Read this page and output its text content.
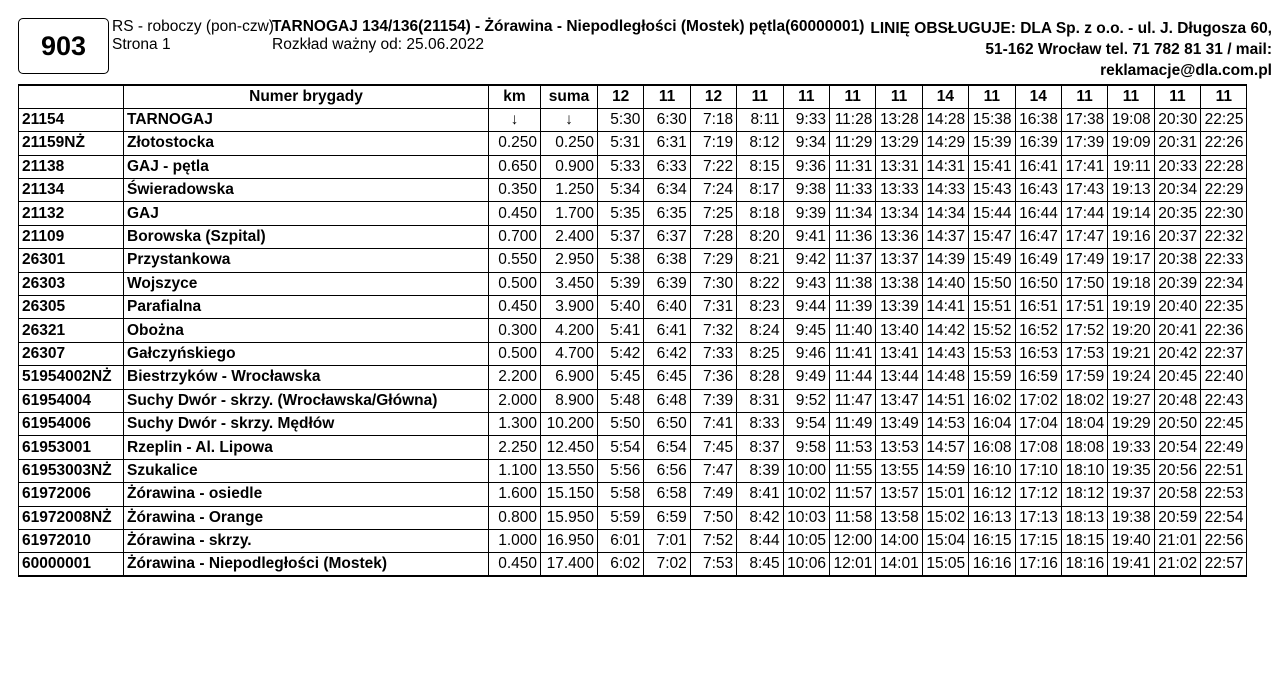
903
RS - roboczy (pon-czw)
Strona 1
TARNOGAJ 134/136(21154) - Żórawina - Niepodległości (Mostek) pętla(60000001)
Rozkład ważny od: 25.06.2022
LINIĘ OBSŁUGUJE: DLA Sp. z o.o. - ul. J. Długosza 60,
51-162 Wrocław tel. 71 782 81 31 / mail:
reklamacje@dla.com.pl
	Numer brygady	km	suma	12	11	12	11	11	11	11	14	11	14	11	11	11	11
21154	TARNOGAJ	↓	↓	5:30	6:30	7:18	8:11	9:33	11:28	13:28	14:28	15:38	16:38	17:38	19:08	20:30	22:25
21159NŻ	Złotostocka	0.250	0.250	5:31	6:31	7:19	8:12	9:34	11:29	13:29	14:29	15:39	16:39	17:39	19:09	20:31	22:26
21138	GAJ - pętla	0.650	0.900	5:33	6:33	7:22	8:15	9:36	11:31	13:31	14:31	15:41	16:41	17:41	19:11	20:33	22:28
21134	Świeradowska	0.350	1.250	5:34	6:34	7:24	8:17	9:38	11:33	13:33	14:33	15:43	16:43	17:43	19:13	20:34	22:29
21132	GAJ	0.450	1.700	5:35	6:35	7:25	8:18	9:39	11:34	13:34	14:34	15:44	16:44	17:44	19:14	20:35	22:30
21109	Borowska (Szpital)	0.700	2.400	5:37	6:37	7:28	8:20	9:41	11:36	13:36	14:37	15:47	16:47	17:47	19:16	20:37	22:32
26301	Przystankowa	0.550	2.950	5:38	6:38	7:29	8:21	9:42	11:37	13:37	14:39	15:49	16:49	17:49	19:17	20:38	22:33
26303	Wojszyce	0.500	3.450	5:39	6:39	7:30	8:22	9:43	11:38	13:38	14:40	15:50	16:50	17:50	19:18	20:39	22:34
26305	Parafialna	0.450	3.900	5:40	6:40	7:31	8:23	9:44	11:39	13:39	14:41	15:51	16:51	17:51	19:19	20:40	22:35
26321	Obożna	0.300	4.200	5:41	6:41	7:32	8:24	9:45	11:40	13:40	14:42	15:52	16:52	17:52	19:20	20:41	22:36
26307	Gałczyńskiego	0.500	4.700	5:42	6:42	7:33	8:25	9:46	11:41	13:41	14:43	15:53	16:53	17:53	19:21	20:42	22:37
51954002NŻ	Biestrzyków - Wrocławska	2.200	6.900	5:45	6:45	7:36	8:28	9:49	11:44	13:44	14:48	15:59	16:59	17:59	19:24	20:45	22:40
61954004	Suchy Dwór - skrzy. (Wrocławska/Główna)	2.000	8.900	5:48	6:48	7:39	8:31	9:52	11:47	13:47	14:51	16:02	17:02	18:02	19:27	20:48	22:43
61954006	Suchy Dwór - skrzy. Mędłów	1.300	10.200	5:50	6:50	7:41	8:33	9:54	11:49	13:49	14:53	16:04	17:04	18:04	19:29	20:50	22:45
61953001	Rzeplin - Al. Lipowa	2.250	12.450	5:54	6:54	7:45	8:37	9:58	11:53	13:53	14:57	16:08	17:08	18:08	19:33	20:54	22:49
61953003NŻ	Szukalice	1.100	13.550	5:56	6:56	7:47	8:39	10:00	11:55	13:55	14:59	16:10	17:10	18:10	19:35	20:56	22:51
61972006	Żórawina - osiedle	1.600	15.150	5:58	6:58	7:49	8:41	10:02	11:57	13:57	15:01	16:12	17:12	18:12	19:37	20:58	22:53
61972008NŻ	Żórawina - Orange	0.800	15.950	5:59	6:59	7:50	8:42	10:03	11:58	13:58	15:02	16:13	17:13	18:13	19:38	20:59	22:54
61972010	Żórawina - skrzy.	1.000	16.950	6:01	7:01	7:52	8:44	10:05	12:00	14:00	15:04	16:15	17:15	18:15	19:40	21:01	22:56
60000001	Żórawina - Niepodległości (Mostek)	0.450	17.400	6:02	7:02	7:53	8:45	10:06	12:01	14:01	15:05	16:16	17:16	18:16	19:41	21:02	22:57
